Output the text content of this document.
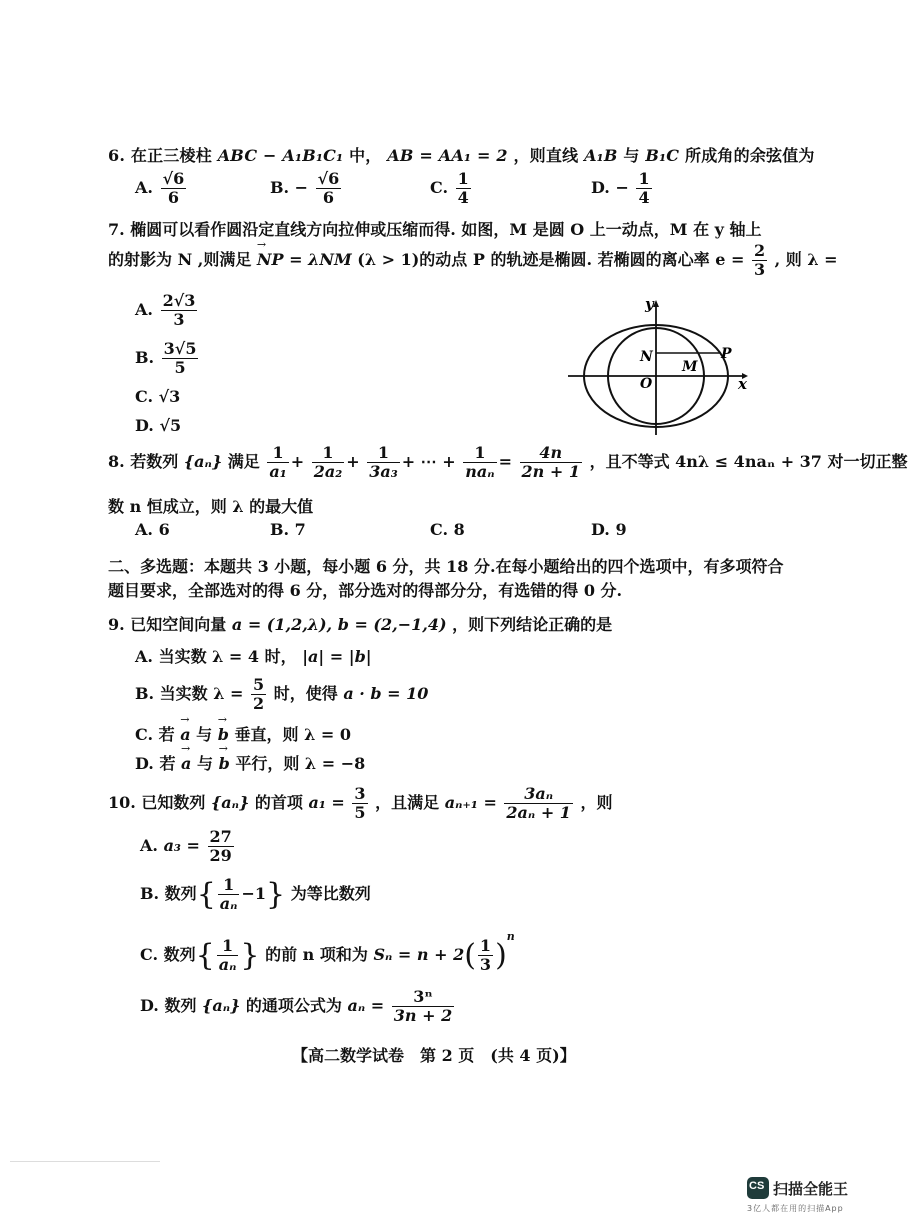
6. 在正三棱柱 ABC − A₁B₁C₁ 中， AB = AA₁ = 2 ，则直线 A₁B 与 B₁C 所成角的余弦值为
A. $\frac{√6}{6}$	B. − $\frac{√6}{6}$	C. $\frac{1}{4}$	D. − $\frac{1}{4}$
7. 椭圆可以看作圆沿定直线方向拉伸或压缩而得. 如图，M 是圆 O 上一动点，M 在 y 轴上
的射影为 N ,则满足 → NP = λNM (λ > 1)的动点 P 的轨迹是椭圆. 若椭圆的离心率 $e = \frac{2}{3}$ , 则 λ =
A. $\frac{2√3}{3}$
B. $\frac{3√5}{5}$
C. √3
D. √5
y
x
N	P
M
O
8. 若数列 {aₙ} 满足 $\frac{1}{\text{a₁}} + \frac{1}{\text{2a₂}} + \frac{1}{\text{3a₃}}$ + ⋯ + $\frac{1}{\text{naₙ}} = \frac{4n}{2n + 1}$ ，且不等式 4nλ ≤ 4naₙ + 37 对一切正整
数 n 恒成立，则 λ 的最大值
A. 6	B. 7	C. 8	D. 9
二、多选题：本题共 3 小题，每小题 6 分，共 18 分.在每小题给出的四个选项中，有多项符合
题目要求，全部选对的得 6 分，部分选对的得部分分，有选错的得 0 分.
9. 已知空间向量 a = (1,2,λ), b = (2,−1,4) ，则下列结论正确的是
A. 当实数 λ = 4 时， |a| = |b|
B. 当实数 $\lambda = \frac{5}{2}$ 时，使得 a · b = 10
C. 若 → a 与 → b 垂直，则 λ = 0
D. 若 → a 与 → b 平行，则 λ = −8
10. 已知数列 {aₙ} 的首项 $a_1 = \frac{3}{5}$ ，且满足 $a_{n+1} = \frac{\text{3aₙ}}{\text{2aₙ + 1}}$ ，则
A. $a_3 = \frac{27}{29}$
B. 数列{ $\frac{1}{\text{aₙ}} -1$} 为等比数列
C. 数列{ $\frac{1}{\text{aₙ}}$ } 的前 n 项和为 $S_n = n + 2( \frac{1}{3} )^n$
D. 数列 {aₙ} 的通项公式为 $a_n = \frac{\text{3ⁿ}}{3n + 2}$
【高二数学试卷　第 2 页　(共 4 页)】
CS 扫描全能王
3亿人都在用的扫描App
